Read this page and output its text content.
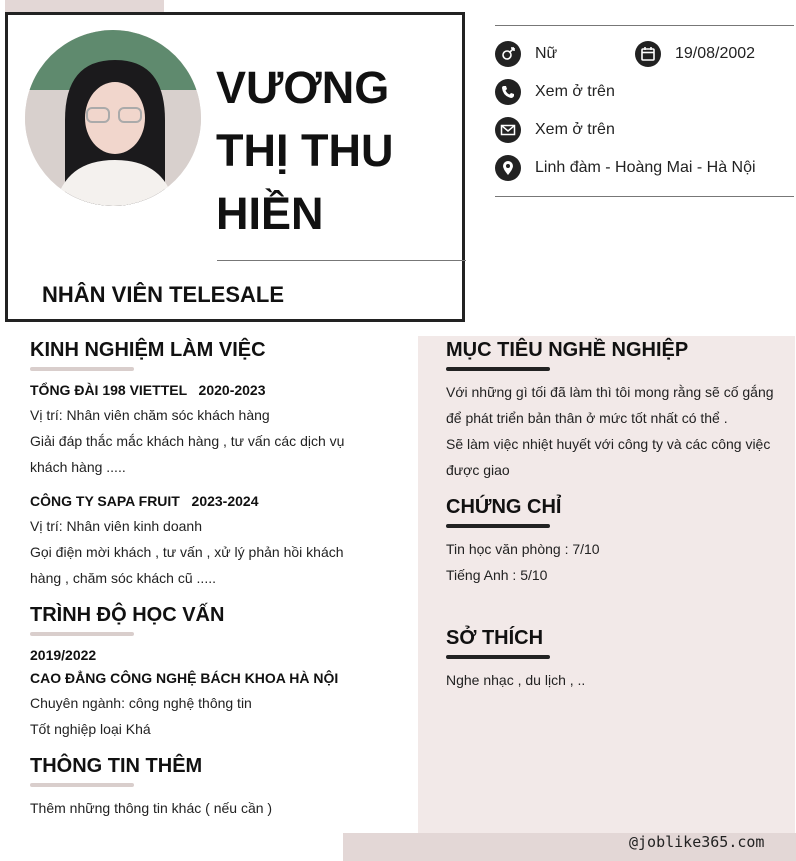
VƯƠNG
THỊ THU
HIỀN
NHÂN VIÊN TELESALE
Nữ	19/08/2002
Xem ở trên
Xem ở trên
Linh đàm - Hoàng Mai - Hà Nội
KINH NGHIỆM LÀM VIỆC
TỔNG ĐÀI 198 VIETTEL   2020-2023
Vị trí: Nhân viên chăm sóc khách hàng
Giải đáp thắc mắc khách hàng , tư vấn các dịch vụ
khách hàng .....
CÔNG TY SAPA FRUIT   2023-2024
Vị trí: Nhân viên kinh doanh
Gọi điện mời khách , tư vấn , xử lý phản hồi khách
hàng , chăm sóc khách cũ .....
TRÌNH ĐỘ HỌC VẤN
2019/2022
CAO ĐẲNG CÔNG NGHỆ BÁCH KHOA HÀ NỘI
Chuyên ngành: công nghệ thông tin
Tốt nghiệp loại Khá
THÔNG TIN THÊM
Thêm những thông tin khác ( nếu cần )
MỤC TIÊU NGHỀ NGHIỆP
Với những gì tối đã làm thì tôi mong rằng sẽ cố gắng
để phát triển bản thân ở mức tốt nhất có thể .
Sẽ làm việc nhiệt huyết với công ty và các công việc
được giao
CHỨNG CHỈ
Tin học văn phòng : 7/10
Tiếng Anh : 5/10
SỞ THÍCH
Nghe nhạc , du lịch , ..
@joblike365.com
